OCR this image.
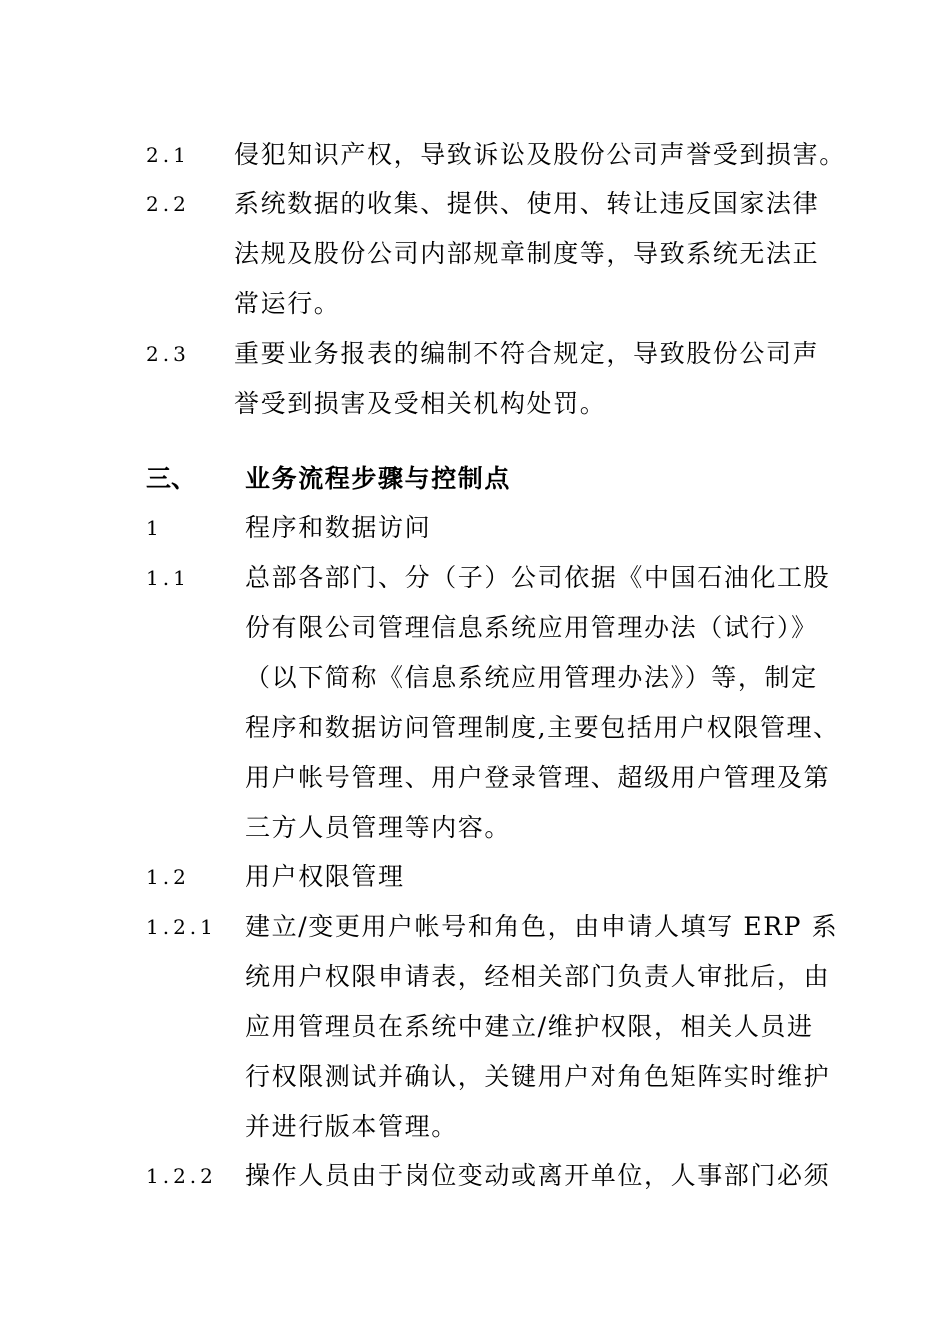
2.1 侵犯知识产权，导致诉讼及股份公司声誉受到损害。
2.2 系统数据的收集、提供、使用、转让违反国家法律
法规及股份公司内部规章制度等，导致系统无法正
常运行。
2.3 重要业务报表的编制不符合规定，导致股份公司声
誉受到损害及受相关机构处罚。
三、 业务流程步骤与控制点
1	程序和数据访问
1.1 总部各部门、分（子）公司依据《中国石油化工股
份有限公司管理信息系统应用管理办法（试行）》
（以下简称《信息系统应用管理办法》）等，制定
程序和数据访问管理制度,主要包括用户权限管理、
用户帐号管理、用户登录管理、超级用户管理及第
三方人员管理等内容。
1.2 用户权限管理
1.2.1 建立/变更用户帐号和角色，由申请人填写 ERP 系
统用户权限申请表，经相关部门负责人审批后，由
应用管理员在系统中建立/维护权限，相关人员进
行权限测试并确认，关键用户对角色矩阵实时维护
并进行版本管理。
1.2.2 操作人员由于岗位变动或离开单位，人事部门必须
